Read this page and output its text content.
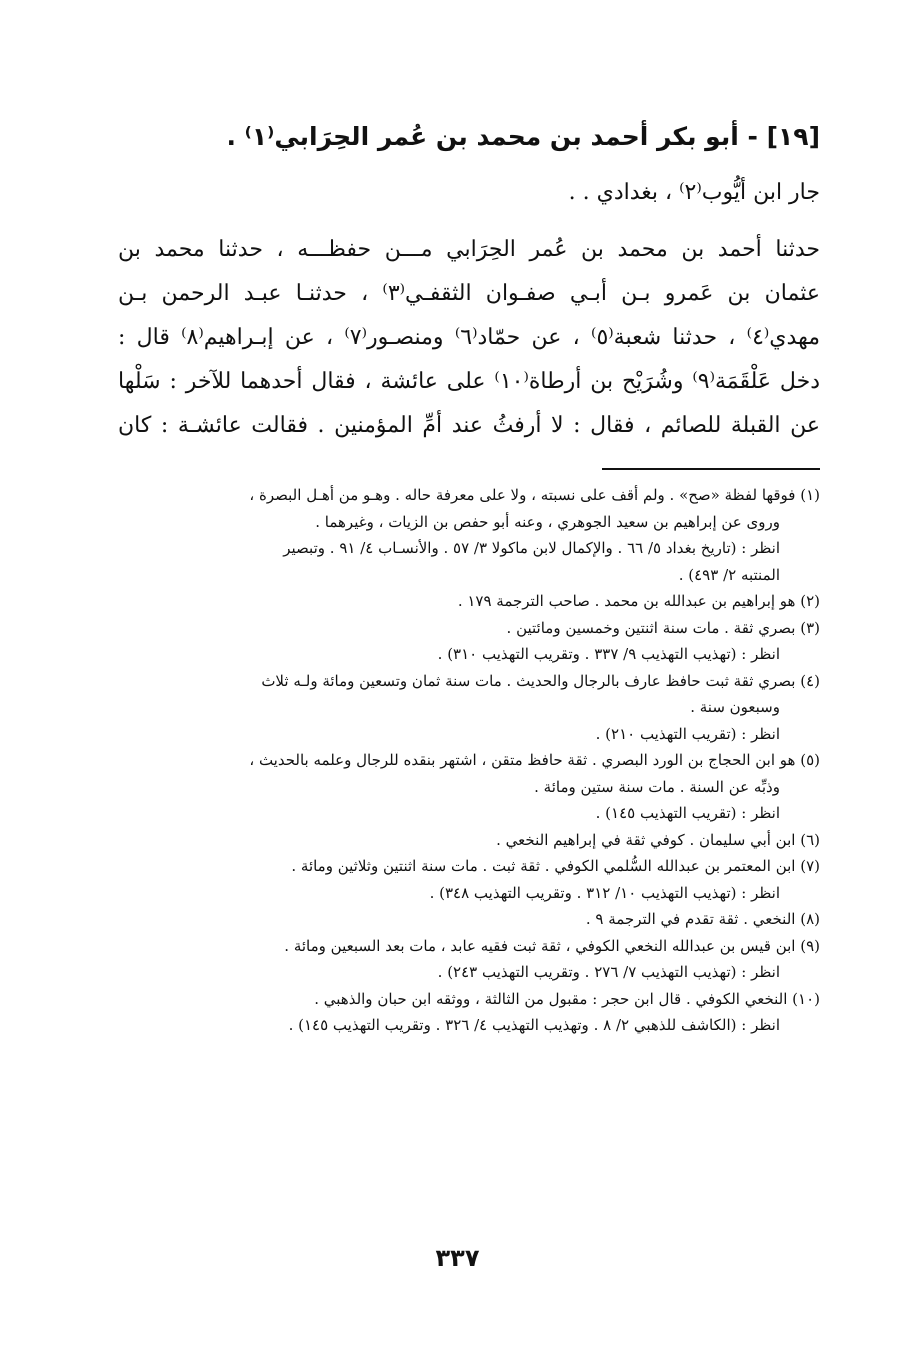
[١٩] - أبو بكر أحمد بن محمد بن عُمر الحِرَابي⁽١⁾ .
جار ابن أيُّوب⁽٢⁾ ، بغدادي . .
حدثنا أحمد بن محمد بن عُمر الحِرَابي مـــن حفظـــه ، حدثنا محمد بن
عثمان بن عَمرو بـن أبـي صفـوان الثقفـي⁽٣⁾ ، حدثنـا عبـد الرحمن بـن
مهدي⁽٤⁾ ، حدثنا شعبة⁽٥⁾ ، عن حمّاد⁽٦⁾ ومنصـور⁽٧⁾ ، عن إبـراهيم⁽٨⁾ قال :
دخل عَلْقَمَة⁽٩⁾ وشُرَيْح بن أرطاة⁽١٠⁾ على عائشة ، فقال أحدهما للآخر : سَلْها
عن القبلة للصائم ، فقال : لا أرفثُ عند أمِّ المؤمنين . فقالت عائشـة : كان
(١) فوقها لفظة «صح» . ولم أقف على نسبته ، ولا على معرفة حاله . وهـو من أهـل البصرة ،
وروى عن إبراهيم بن سعيد الجوهري ، وعنه أبو حفص بن الزيات ، وغيرهما .
انظر : (تاريخ بغداد ٥/ ٦٦ . والإكمال لابن ماكولا ٣/ ٥٧ . والأنسـاب ٤/ ٩١ . وتبصير
المنتبه ٢/ ٤٩٣) .
(٢) هو إبراهيم بن عبدالله بن محمد . صاحب الترجمة ١٧٩ .
(٣) بصري ثقة . مات سنة اثنتين وخمسين ومائتين .
انظر : (تهذيب التهذيب ٩/ ٣٣٧ . وتقريب التهذيب ٣١٠) .
(٤) بصري ثقة ثبت حافظ عارف بالرجال والحديث . مات سنة ثمان وتسعين ومائة ولـه ثلاث
وسبعون سنة .
انظر : (تقريب التهذيب ٢١٠) .
(٥) هو ابن الحجاج بن الورد البصري . ثقة حافظ متقن ، اشتهر بنقده للرجال وعلمه بالحديث ،
وذبِّه عن السنة . مات سنة ستين ومائة .
انظر : (تقريب التهذيب ١٤٥) .
(٦) ابن أبي سليمان . كوفي ثقة في إبراهيم النخعي .
(٧) ابن المعتمر بن عبدالله السُّلمي الكوفي . ثقة ثبت . مات سنة اثنتين وثلاثين ومائة .
انظر : (تهذيب التهذيب ١٠/ ٣١٢ . وتقريب التهذيب ٣٤٨) .
(٨) النخعي . ثقة تقدم في الترجمة ٩ .
(٩) ابن قيس بن عبدالله النخعي الكوفي ، ثقة ثبت فقيه عابد ، مات بعد السبعين ومائة .
انظر : (تهذيب التهذيب ٧/ ٢٧٦ . وتقريب التهذيب ٢٤٣) .
(١٠) النخعي الكوفي . قال ابن حجر : مقبول من الثالثة ، ووثقه ابن حبان والذهبي .
انظر : (الكاشف للذهبي ٢/ ٨ . وتهذيب التهذيب ٤/ ٣٢٦ . وتقريب التهذيب ١٤٥) .
٣٣٧
